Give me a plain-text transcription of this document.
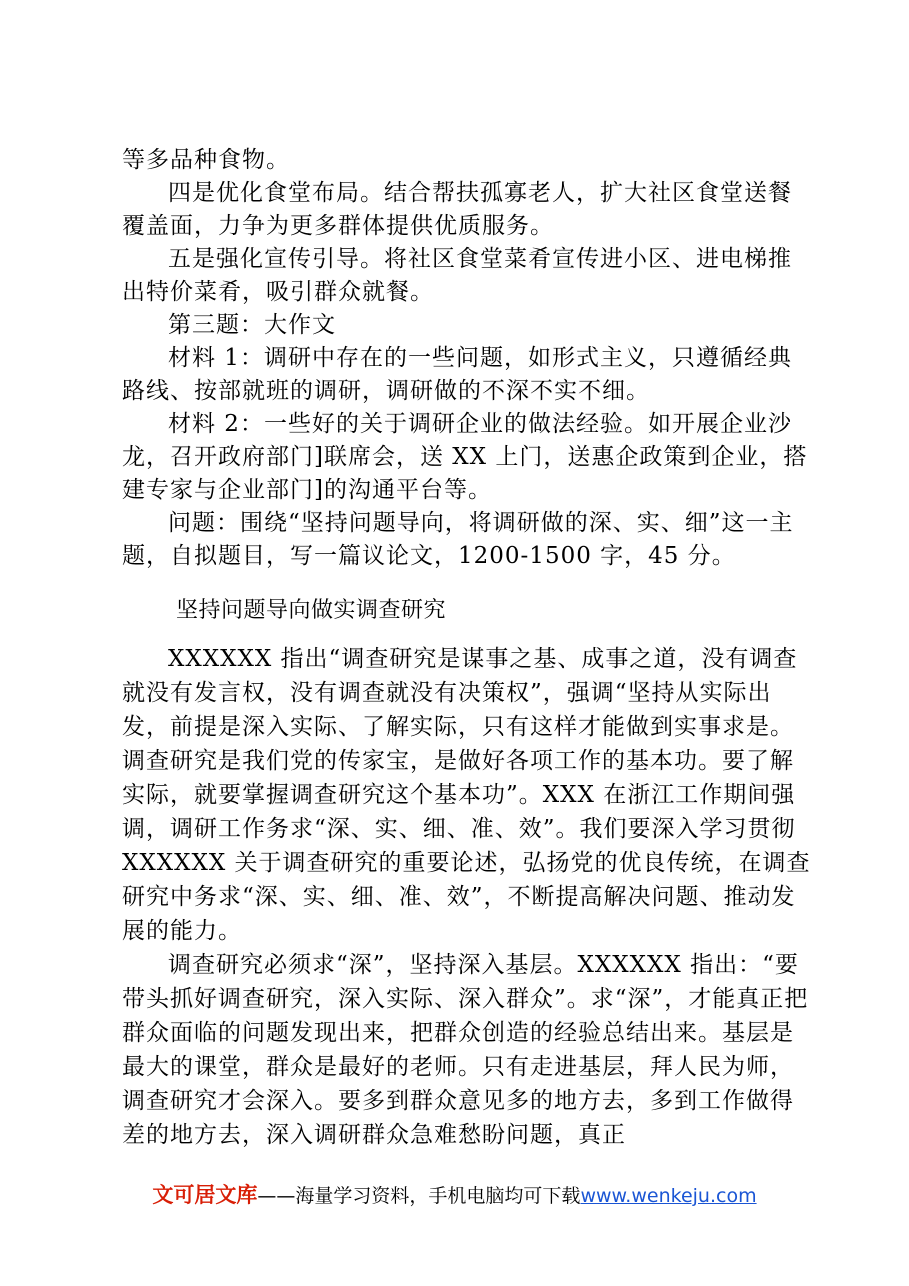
等多品种食物。

四是优化食堂布局。结合帮扶孤寡老人，扩大社区食堂送餐覆盖面，力争为更多群体提供优质服务。

五是强化宣传引导。将社区食堂菜肴宣传进小区、进电梯推出特价菜肴，吸引群众就餐。

第三题：大作文

材料 1：调研中存在的一些问题，如形式主义，只遵循经典路线、按部就班的调研，调研做的不深不实不细。

材料 2：一些好的关于调研企业的做法经验。如开展企业沙龙，召开政府部门]联席会，送 XX 上门，送惠企政策到企业，搭建专家与企业部门]的沟通平台等。

问题：围绕“坚持问题导向，将调研做的深、实、细”这一主题，自拟题目，写一篇议论文，1200-1500 字，45 分。

坚持问题导向做实调查研究

XXXXXX 指出“调查研究是谋事之基、成事之道，没有调查就没有发言权，没有调查就没有决策权”，强调“坚持从实际出发，前提是深入实际、了解实际，只有这样才能做到实事求是。调查研究是我们党的传家宝，是做好各项工作的基本功。要了解实际，就要掌握调查研究这个基本功”。XXX 在浙江工作期间强调，调研工作务求“深、实、细、准、效”。我们要深入学习贯彻 XXXXXX 关于调查研究的重要论述，弘扬党的优良传统，在调查研究中务求“深、实、细、准、效”，不断提高解决问题、推动发展的能力。

调查研究必须求“深”，坚持深入基层。XXXXXX 指出：“要带头抓好调查研究，深入实际、深入群众”。求“深”，才能真正把群众面临的问题发现出来，把群众创造的经验总结出来。基层是最大的课堂，群众是最好的老师。只有走进基层，拜人民为师，调查研究才会深入。要多到群众意见多的地方去，多到工作做得差的地方去，深入调研群众急难愁盼问题，真正

文可居文库——海量学习资料，手机电脑均可下载www.wenkeju.com
